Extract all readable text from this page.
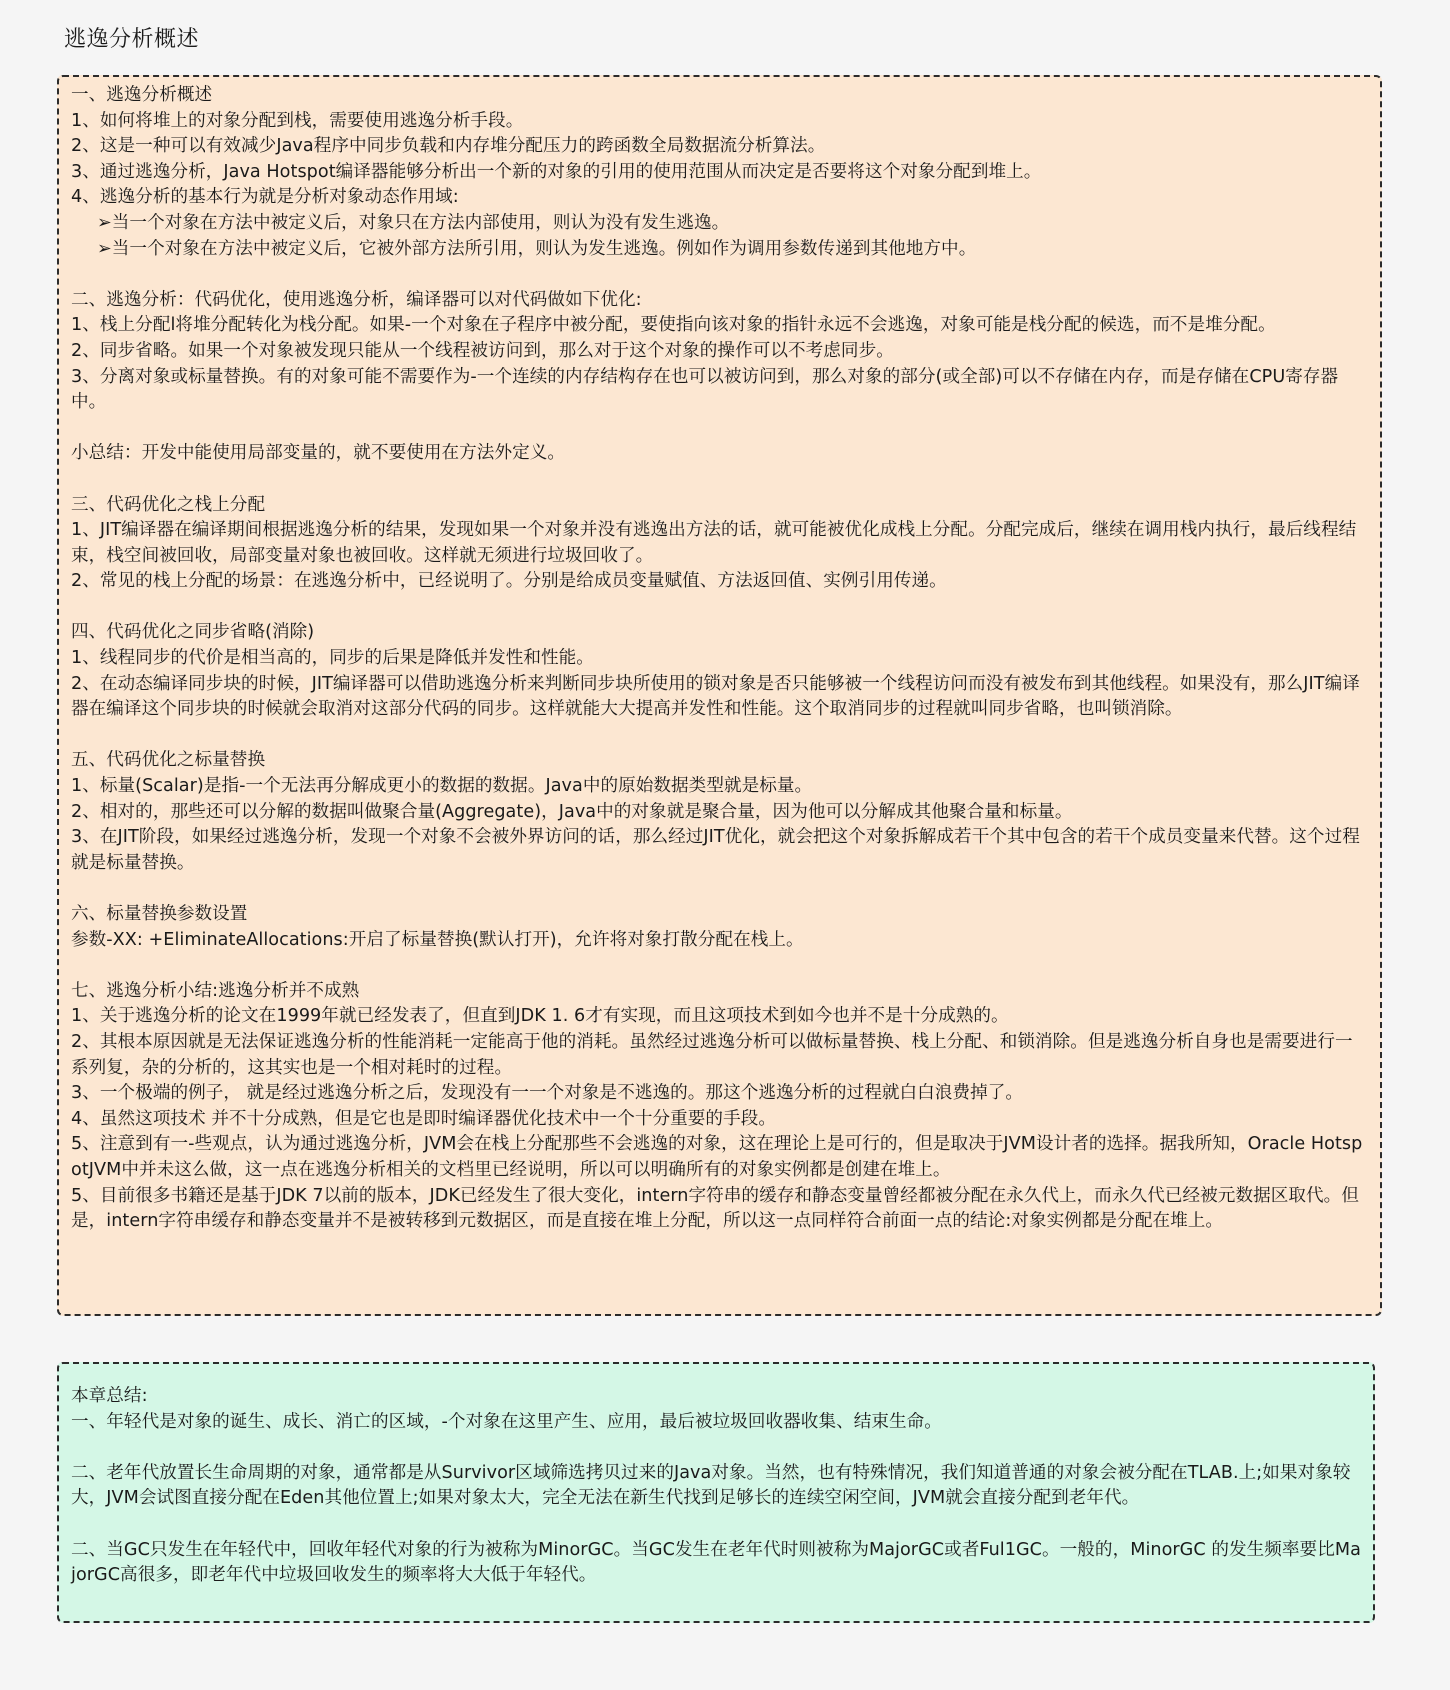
逃逸分析概述
一、逃逸分析概述
1、如何将堆上的对象分配到栈，需要使用逃逸分析手段。
2、这是一种可以有效减少Java程序中同步负载和内存堆分配压力的跨函数全局数据流分析算法。
3、通过逃逸分析，Java Hotspot编译器能够分析出一个新的对象的引用的使用范围从而决定是否要将这个对象分配到堆上。
4、逃逸分析的基本行为就是分析对象动态作用域:
➢当一个对象在方法中被定义后，对象只在方法内部使用，则认为没有发生逃逸。
➢当一个对象在方法中被定义后，它被外部方法所引用，则认为发生逃逸。例如作为调用参数传递到其他地方中。
二、逃逸分析：代码优化，使用逃逸分析，编译器可以对代码做如下优化:
1、栈上分配l将堆分配转化为栈分配。如果-一个对象在子程序中被分配，要使指向该对象的指针永远不会逃逸，对象可能是栈分配的候选，而不是堆分配。
2、同步省略。如果一个对象被发现只能从一个线程被访问到，那么对于这个对象的操作可以不考虑同步。
3、分离对象或标量替换。有的对象可能不需要作为-一个连续的内存结构存在也可以被访问到，那么对象的部分(或全部)可以不存储在内存，而是存储在CPU寄存器中。
小总结：开发中能使用局部变量的，就不要使用在方法外定义。
三、代码优化之栈上分配
1、JIT编译器在编译期间根据逃逸分析的结果，发现如果一个对象并没有逃逸出方法的话，就可能被优化成栈上分配。分配完成后，继续在调用栈内执行，最后线程结束，栈空间被回收，局部变量对象也被回收。这样就无须进行垃圾回收了。
2、常见的栈上分配的场景：在逃逸分析中，已经说明了。分别是给成员变量赋值、方法返回值、实例引用传递。
四、代码优化之同步省略(消除)
1、线程同步的代价是相当高的，同步的后果是降低并发性和性能。
2、在动态编译同步块的时候，JIT编译器可以借助逃逸分析来判断同步块所使用的锁对象是否只能够被一个线程访问而没有被发布到其他线程。如果没有，那么JIT编译器在编译这个同步块的时候就会取消对这部分代码的同步。这样就能大大提高并发性和性能。这个取消同步的过程就叫同步省略，也叫锁消除。
五、代码优化之标量替换
1、标量(Scalar)是指-一个无法再分解成更小的数据的数据。Java中的原始数据类型就是标量。
2、相对的，那些还可以分解的数据叫做聚合量(Aggregate)，Java中的对象就是聚合量，因为他可以分解成其他聚合量和标量。
3、在JIT阶段，如果经过逃逸分析，发现一个对象不会被外界访问的话，那么经过JIT优化，就会把这个对象拆解成若干个其中包含的若干个成员变量来代替。这个过程就是标量替换。
六、标量替换参数设置
参数-XX: +EliminateAllocations:开启了标量替换(默认打开)，允许将对象打散分配在栈上。
七、逃逸分析小结:逃逸分析并不成熟
1、关于逃逸分析的论文在1999年就已经发表了，但直到JDK 1. 6才有实现，而且这项技术到如今也并不是十分成熟的。
2、其根本原因就是无法保证逃逸分析的性能消耗一定能高于他的消耗。虽然经过逃逸分析可以做标量替换、栈上分配、和锁消除。但是逃逸分析自身也是需要进行一系列复，杂的分析的，这其实也是一个相对耗时的过程。
3、一个极端的例子， 就是经过逃逸分析之后，发现没有一一个对象是不逃逸的。那这个逃逸分析的过程就白白浪费掉了。
4、虽然这项技术 并不十分成熟，但是它也是即时编译器优化技术中一个十分重要的手段。
5、注意到有一-些观点，认为通过逃逸分析，JVM会在栈上分配那些不会逃逸的对象，这在理论上是可行的，但是取决于JVM设计者的选择。据我所知，Oracle HotspotJVM中并未这么做，这一点在逃逸分析相关的文档里已经说明，所以可以明确所有的对象实例都是创建在堆上。
5、目前很多书籍还是基于JDK 7以前的版本，JDK已经发生了很大变化，intern字符串的缓存和静态变量曾经都被分配在永久代上，而永久代已经被元数据区取代。但是，intern字符串缓存和静态变量并不是被转移到元数据区，而是直接在堆上分配，所以这一点同样符合前面一点的结论:对象实例都是分配在堆上。
本章总结:
一、年轻代是对象的诞生、成长、消亡的区域，-个对象在这里产生、应用，最后被垃圾回收器收集、结束生命。
二、老年代放置长生命周期的对象，通常都是从Survivor区域筛选拷贝过来的Java对象。当然，也有特殊情况，我们知道普通的对象会被分配在TLAB.上;如果对象较大，JVM会试图直接分配在Eden其他位置上;如果对象太大，完全无法在新生代找到足够长的连续空闲空间，JVM就会直接分配到老年代。
二、当GC只发生在年轻代中，回收年轻代对象的行为被称为MinorGC。当GC发生在老年代时则被称为MajorGC或者Ful1GC。一般的，MinorGC 的发生频率要比MajorGC高很多，即老年代中垃圾回收发生的频率将大大低于年轻代。
